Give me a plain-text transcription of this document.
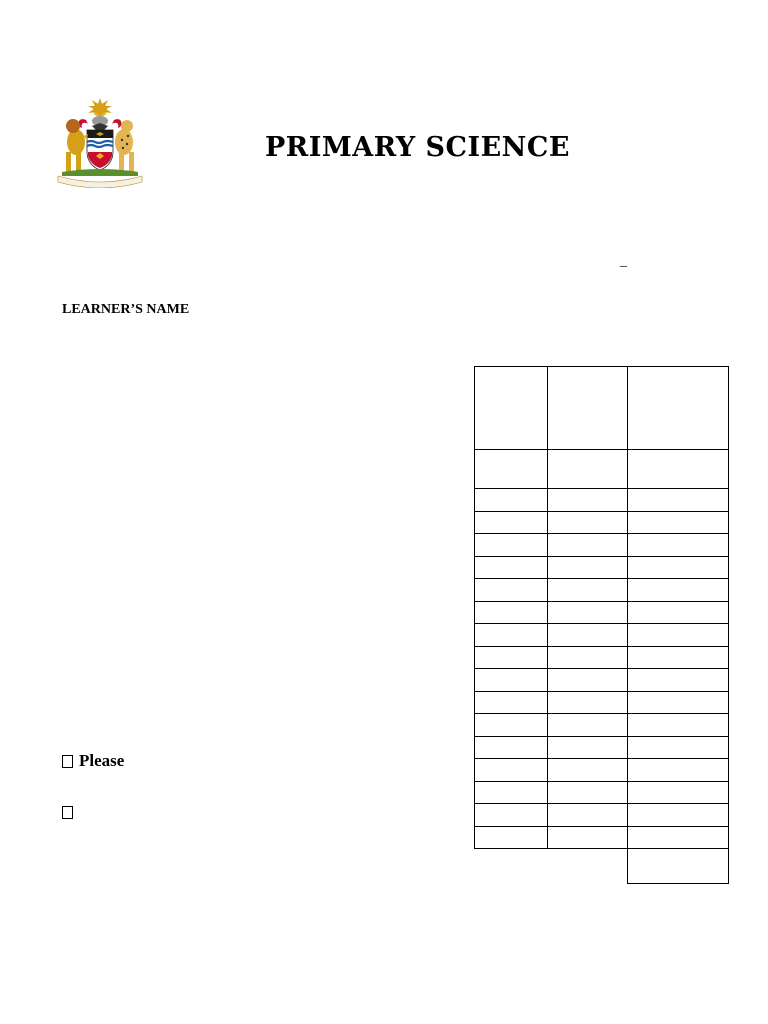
PRIMARY SCIENCE
_
LEARNER’S NAME
Please
